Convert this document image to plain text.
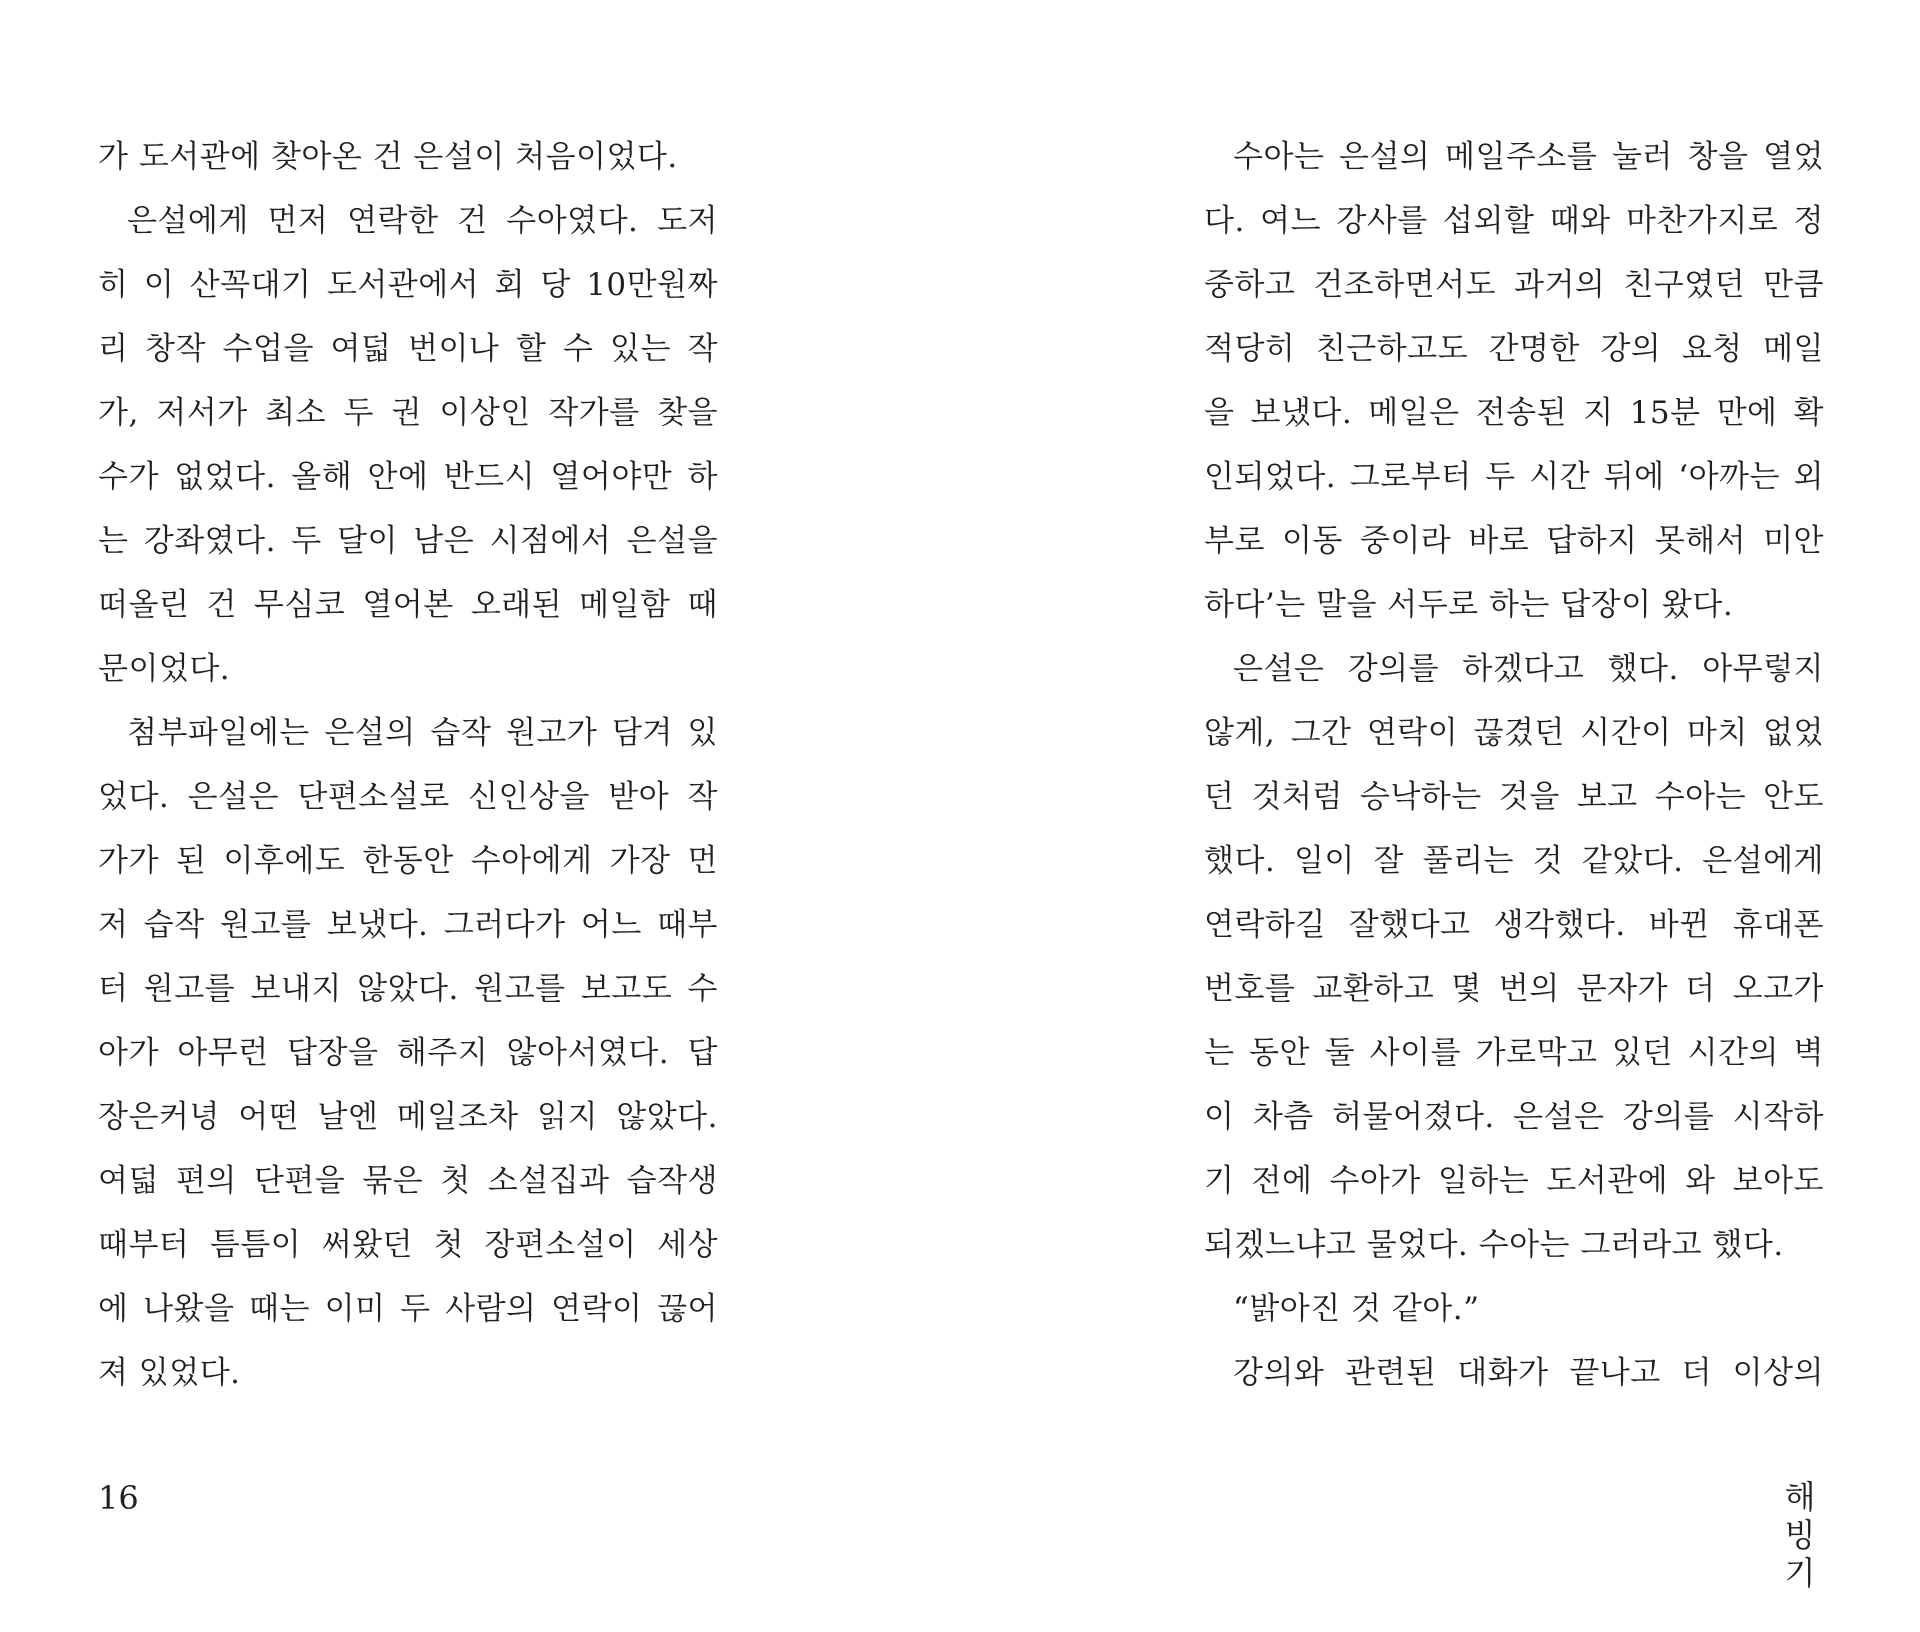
가 도서관에 찾아온 건 은설이 처음이었다.
은설에게 먼저 연락한 건 수아였다. 도저
히 이 산꼭대기 도서관에서 회 당 10만원짜
리 창작 수업을 여덟 번이나 할 수 있는 작
가, 저서가 최소 두 권 이상인 작가를 찾을
수가 없었다. 올해 안에 반드시 열어야만 하
는 강좌였다. 두 달이 남은 시점에서 은설을
떠올린 건 무심코 열어본 오래된 메일함 때
문이었다.
첨부파일에는 은설의 습작 원고가 담겨 있
었다. 은설은 단편소설로 신인상을 받아 작
가가 된 이후에도 한동안 수아에게 가장 먼
저 습작 원고를 보냈다. 그러다가 어느 때부
터 원고를 보내지 않았다. 원고를 보고도 수
아가 아무런 답장을 해주지 않아서였다. 답
장은커녕 어떤 날엔 메일조차 읽지 않았다.
여덟 편의 단편을 묶은 첫 소설집과 습작생
때부터 틈틈이 써왔던 첫 장편소설이 세상
에 나왔을 때는 이미 두 사람의 연락이 끊어
져 있었다.
16
수아는 은설의 메일주소를 눌러 창을 열었
다. 여느 강사를 섭외할 때와 마찬가지로 정
중하고 건조하면서도 과거의 친구였던 만큼
적당히 친근하고도 간명한 강의 요청 메일
을 보냈다. 메일은 전송된 지 15분 만에 확
인되었다. 그로부터 두 시간 뒤에 ‘아까는 외
부로 이동 중이라 바로 답하지 못해서 미안
하다’는 말을 서두로 하는 답장이 왔다.
은설은 강의를 하겠다고 했다. 아무렇지
않게, 그간 연락이 끊겼던 시간이 마치 없었
던 것처럼 승낙하는 것을 보고 수아는 안도
했다. 일이 잘 풀리는 것 같았다. 은설에게
연락하길 잘했다고 생각했다. 바뀐 휴대폰
번호를 교환하고 몇 번의 문자가 더 오고가
는 동안 둘 사이를 가로막고 있던 시간의 벽
이 차츰 허물어졌다. 은설은 강의를 시작하
기 전에 수아가 일하는 도서관에 와 보아도
되겠느냐고 물었다. 수아는 그러라고 했다.
“밝아진 것 같아.”
강의와 관련된 대화가 끝나고 더 이상의
해
빙
기
